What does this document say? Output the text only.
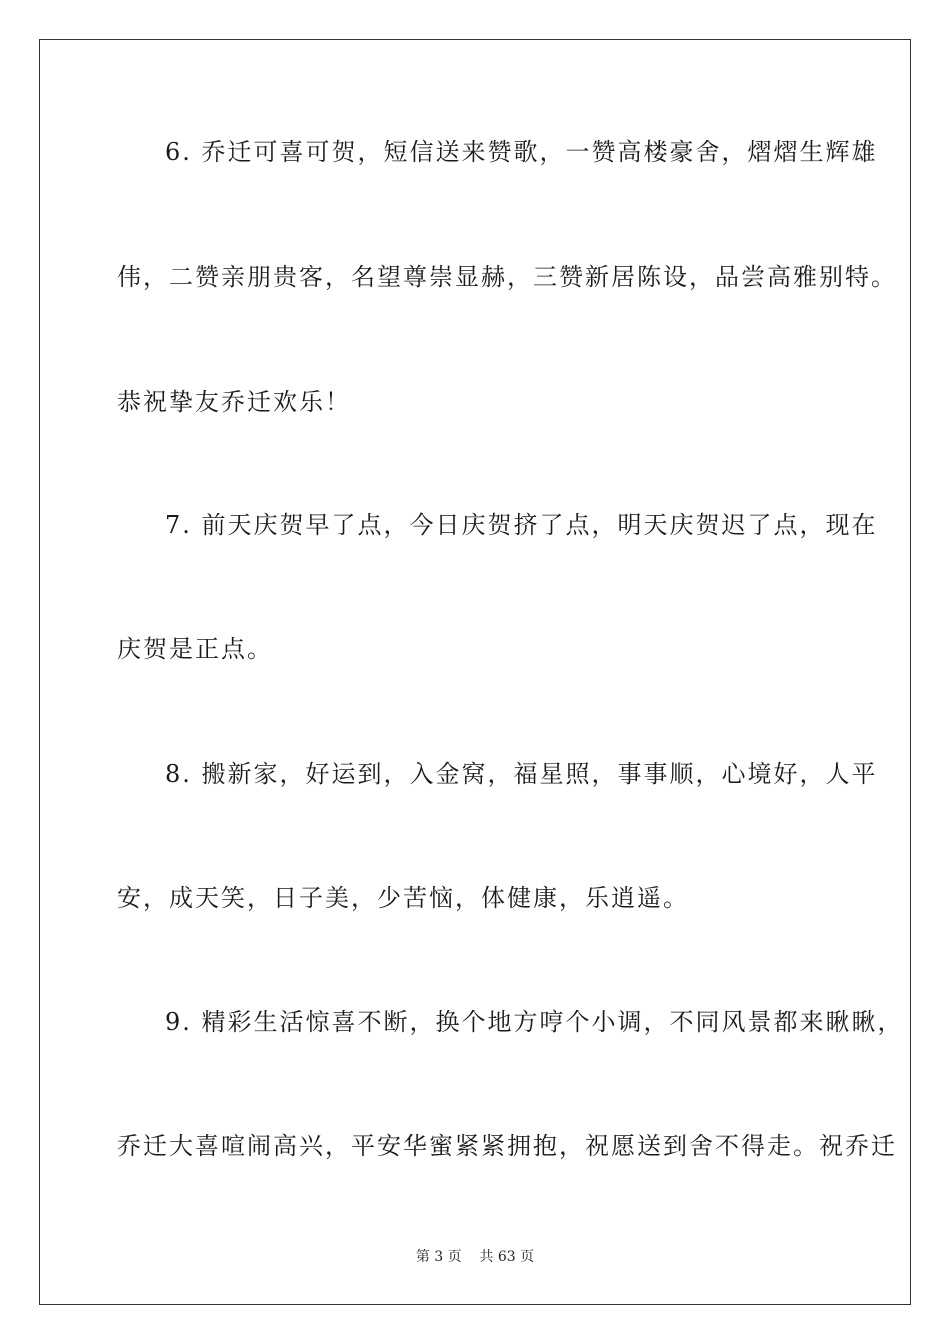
6. 乔迁可喜可贺，短信送来赞歌，一赞高楼豪舍，熠熠生辉雄
伟，二赞亲朋贵客，名望尊崇显赫，三赞新居陈设，品尝高雅别特。
恭祝挚友乔迁欢乐！
7. 前天庆贺早了点，今日庆贺挤了点，明天庆贺迟了点，现在
庆贺是正点。
8. 搬新家，好运到，入金窝，福星照，事事顺，心境好，人平
安，成天笑，日子美，少苦恼，体健康，乐逍遥。
9. 精彩生活惊喜不断，换个地方哼个小调，不同风景都来瞅瞅，
乔迁大喜喧闹高兴，平安华蜜紧紧拥抱，祝愿送到舍不得走。祝乔迁
第 3 页    共 63 页
